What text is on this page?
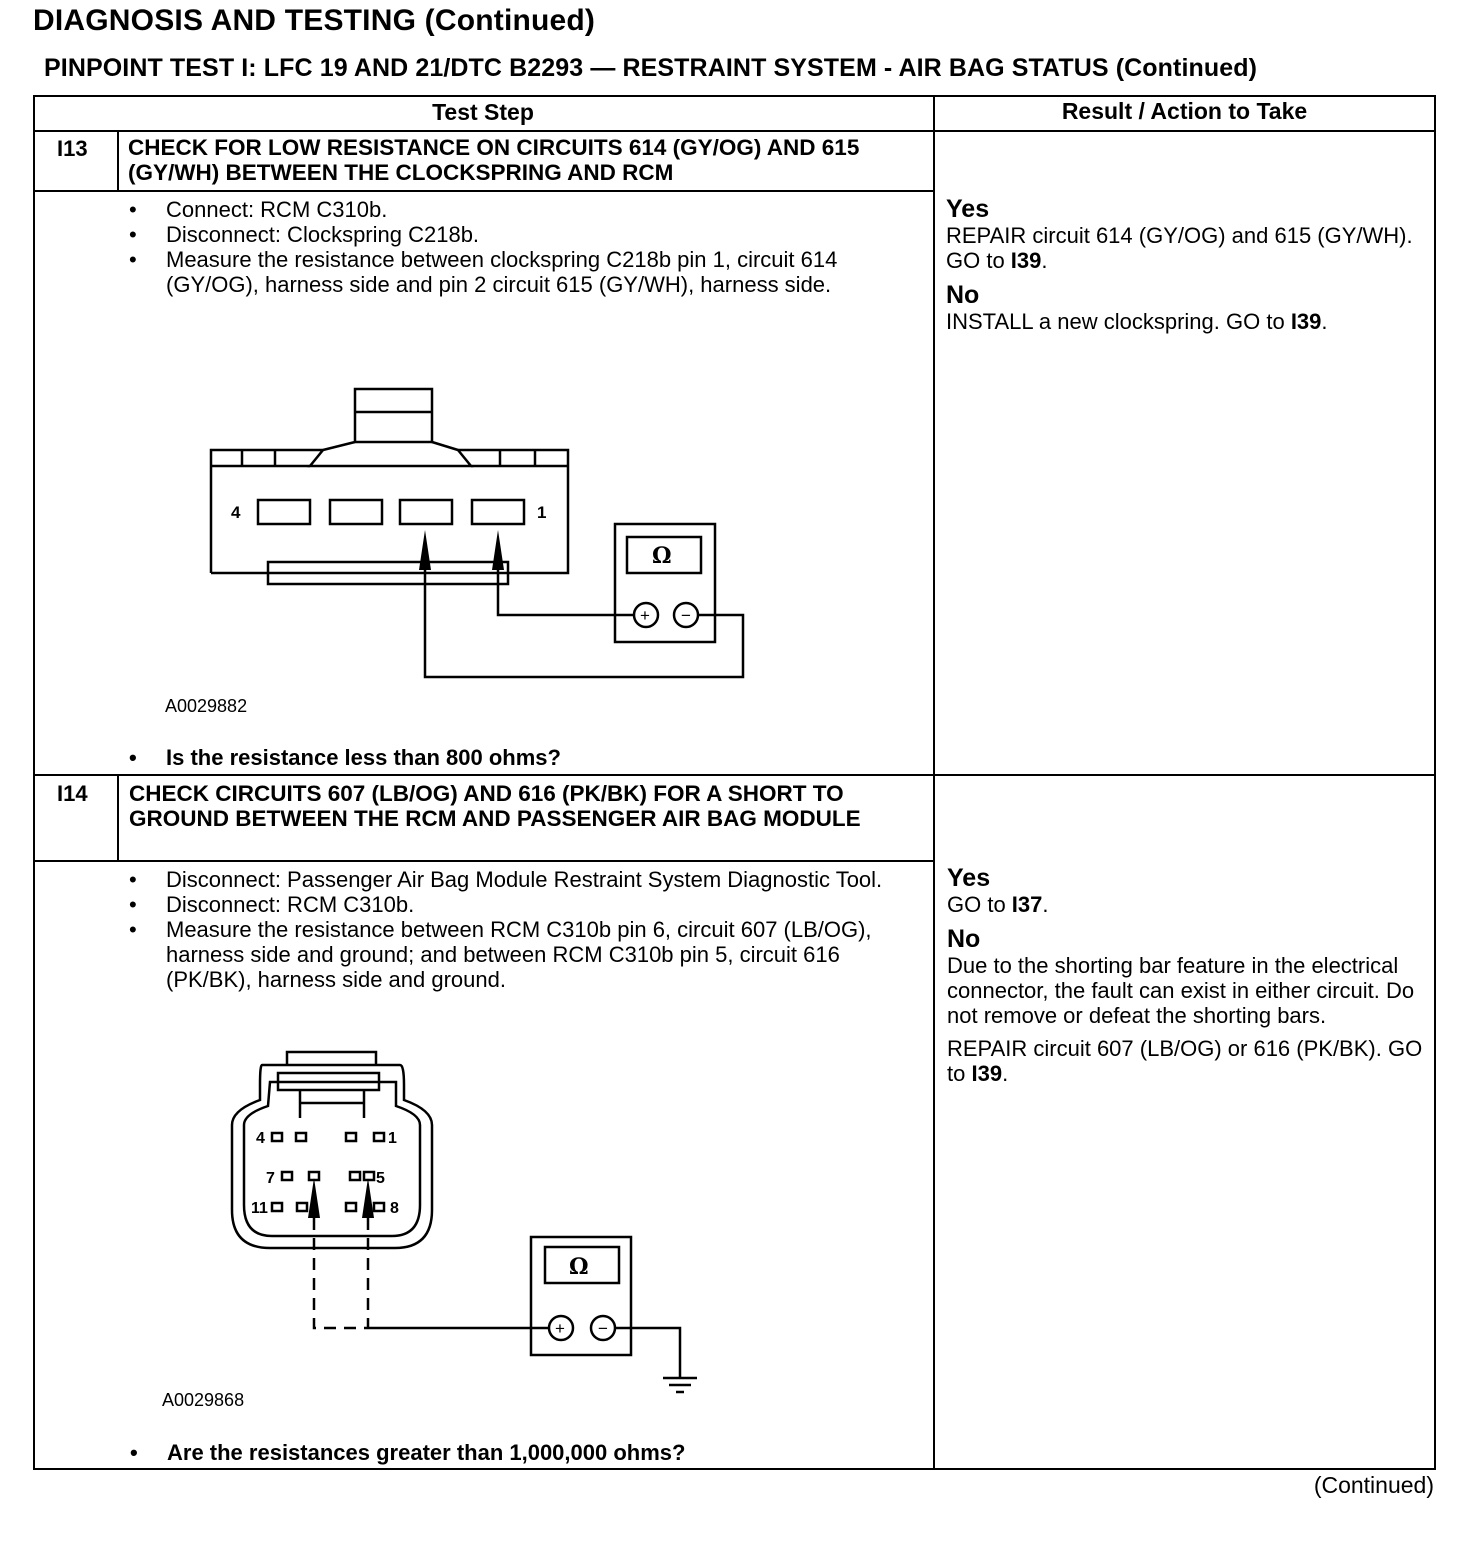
DIAGNOSIS AND TESTING (Continued)
PINPOINT TEST I: LFC 19 AND 21/DTC B2293 — RESTRAINT SYSTEM - AIR BAG STATUS (Continued)
Test Step	Result / Action to Take
I13 CHECK FOR LOW RESISTANCE ON CIRCUITS 614 (GY/OG) AND 615 (GY/WH) BETWEEN THE CLOCKSPRING AND RCM
• Connect: RCM C310b.
• Disconnect: Clockspring C218b.
• Measure the resistance between clockspring C218b pin 1, circuit 614 (GY/OG), harness side and pin 2 circuit 615 (GY/WH), harness side.
4	1
Ω
+ −
4	1
7	5
11	8
Ω
+ −
A0029882
• Is the resistance less than 800 ohms?
Yes
REPAIR circuit 614 (GY/OG) and 615 (GY/WH). GO to I39.
No
INSTALL a new clockspring. GO to I39.
I14 CHECK CIRCUITS 607 (LB/OG) AND 616 (PK/BK) FOR A SHORT TO GROUND BETWEEN THE RCM AND PASSENGER AIR BAG MODULE
• Disconnect: Passenger Air Bag Module Restraint System Diagnostic Tool.
• Disconnect: RCM C310b.
• Measure the resistance between RCM C310b pin 6, circuit 607 (LB/OG), harness side and ground; and between RCM C310b pin 5, circuit 616 (PK/BK), harness side and ground.
A0029868
• Are the resistances greater than 1,000,000 ohms?
Yes
GO to I37.
No
Due to the shorting bar feature in the electrical connector, the fault can exist in either circuit. Do not remove or defeat the shorting bars.
REPAIR circuit 607 (LB/OG) or 616 (PK/BK). GO to I39.
(Continued)
